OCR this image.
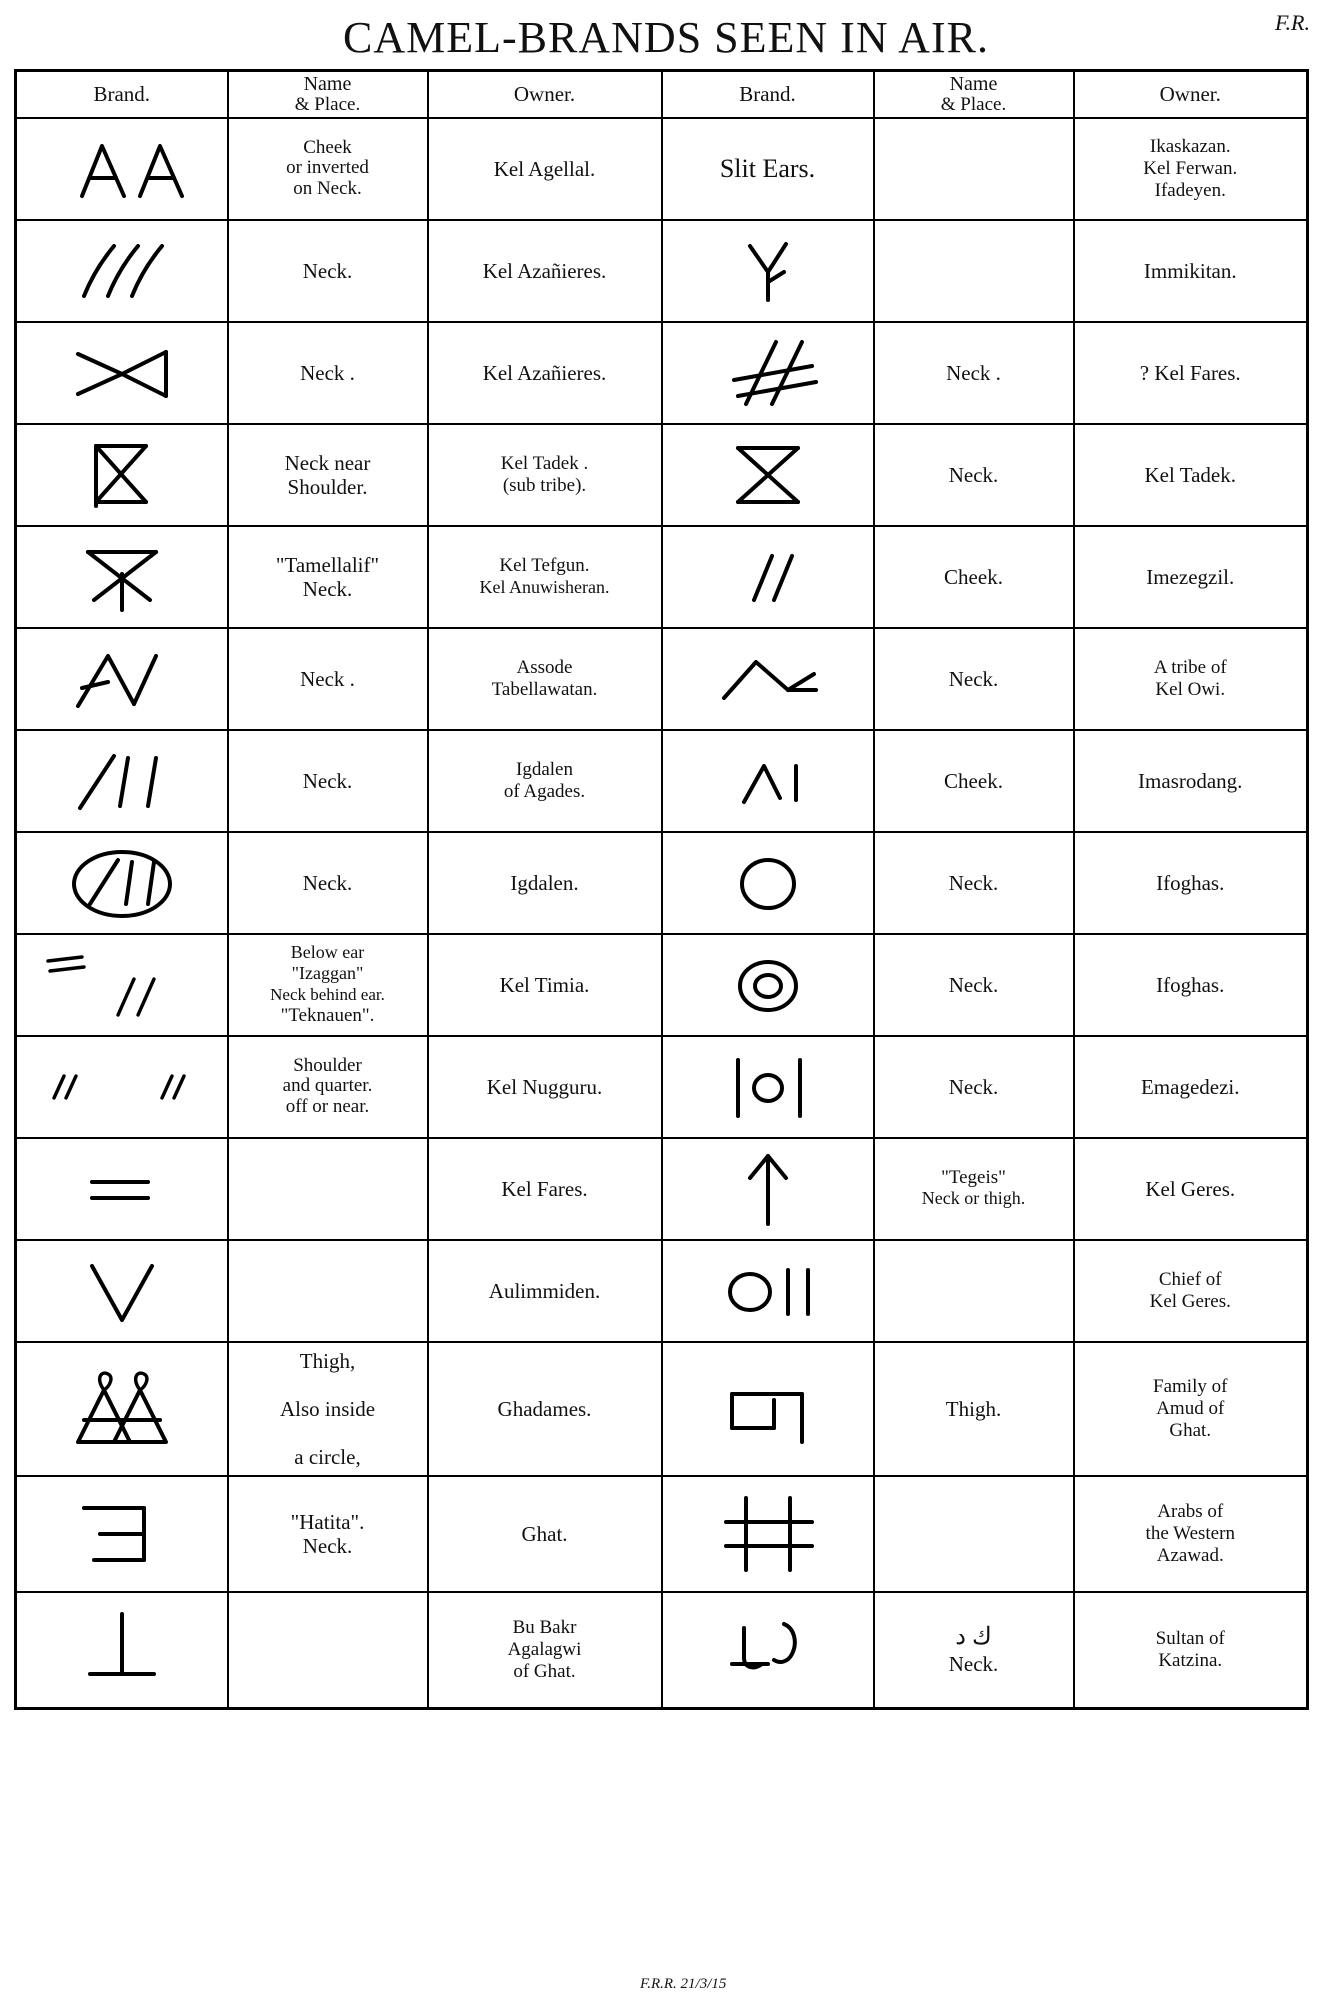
F.R.
CAMEL-BRANDS SEEN IN AIR.
Brand.	Name
& Place.	Owner.	Brand.	Name
& Place.	Owner.

	Cheek
or inverted
on Neck.	Kel Agellal.	Slit Ears.		Ikaskazan.
Kel Ferwan.
Ifadeyen.

	Neck.	Kel Azañieres.			Immikitan.

	Neck .	Kel Azañieres.		Neck .	? Kel Fares.

	Neck near
Shoulder.	Kel Tadek .
(sub tribe).		Neck.	Kel Tadek.

	"Tamellalif"
Neck.	Kel Tefgun.
Kel Anuwisheran.		Cheek.	Imezegzil.

	Neck .	Assode
Tabellawatan.		Neck.	A tribe of
Kel Owi.

	Neck.	Igdalen
of Agades.		Cheek.	Imasrodang.

	Neck.	Igdalen.		Neck.	Ifoghas.

	Below ear
"Izaggan"
Neck behind ear.
"Teknauen".	Kel Timia.		Neck.	Ifoghas.

	Shoulder
and quarter.
off or near.	Kel Nugguru.		Neck.	Emagedezi.

		Kel Fares.		"Tegeis"
Neck or thigh.	Kel Geres.

		Aulimmiden.			Chief of
Kel Geres.

	Thigh,

Also inside

a circle,	Ghadames.		Thigh.	Family of
Amud of
Ghat.

	"Hatita".
Neck.	Ghat.			Arabs of
the Western
Azawad.

		Bu Bakr
Agalagwi
of Ghat.		ك د
Neck.	Sultan of
Katzina.
F.R.R. 21/3/15
